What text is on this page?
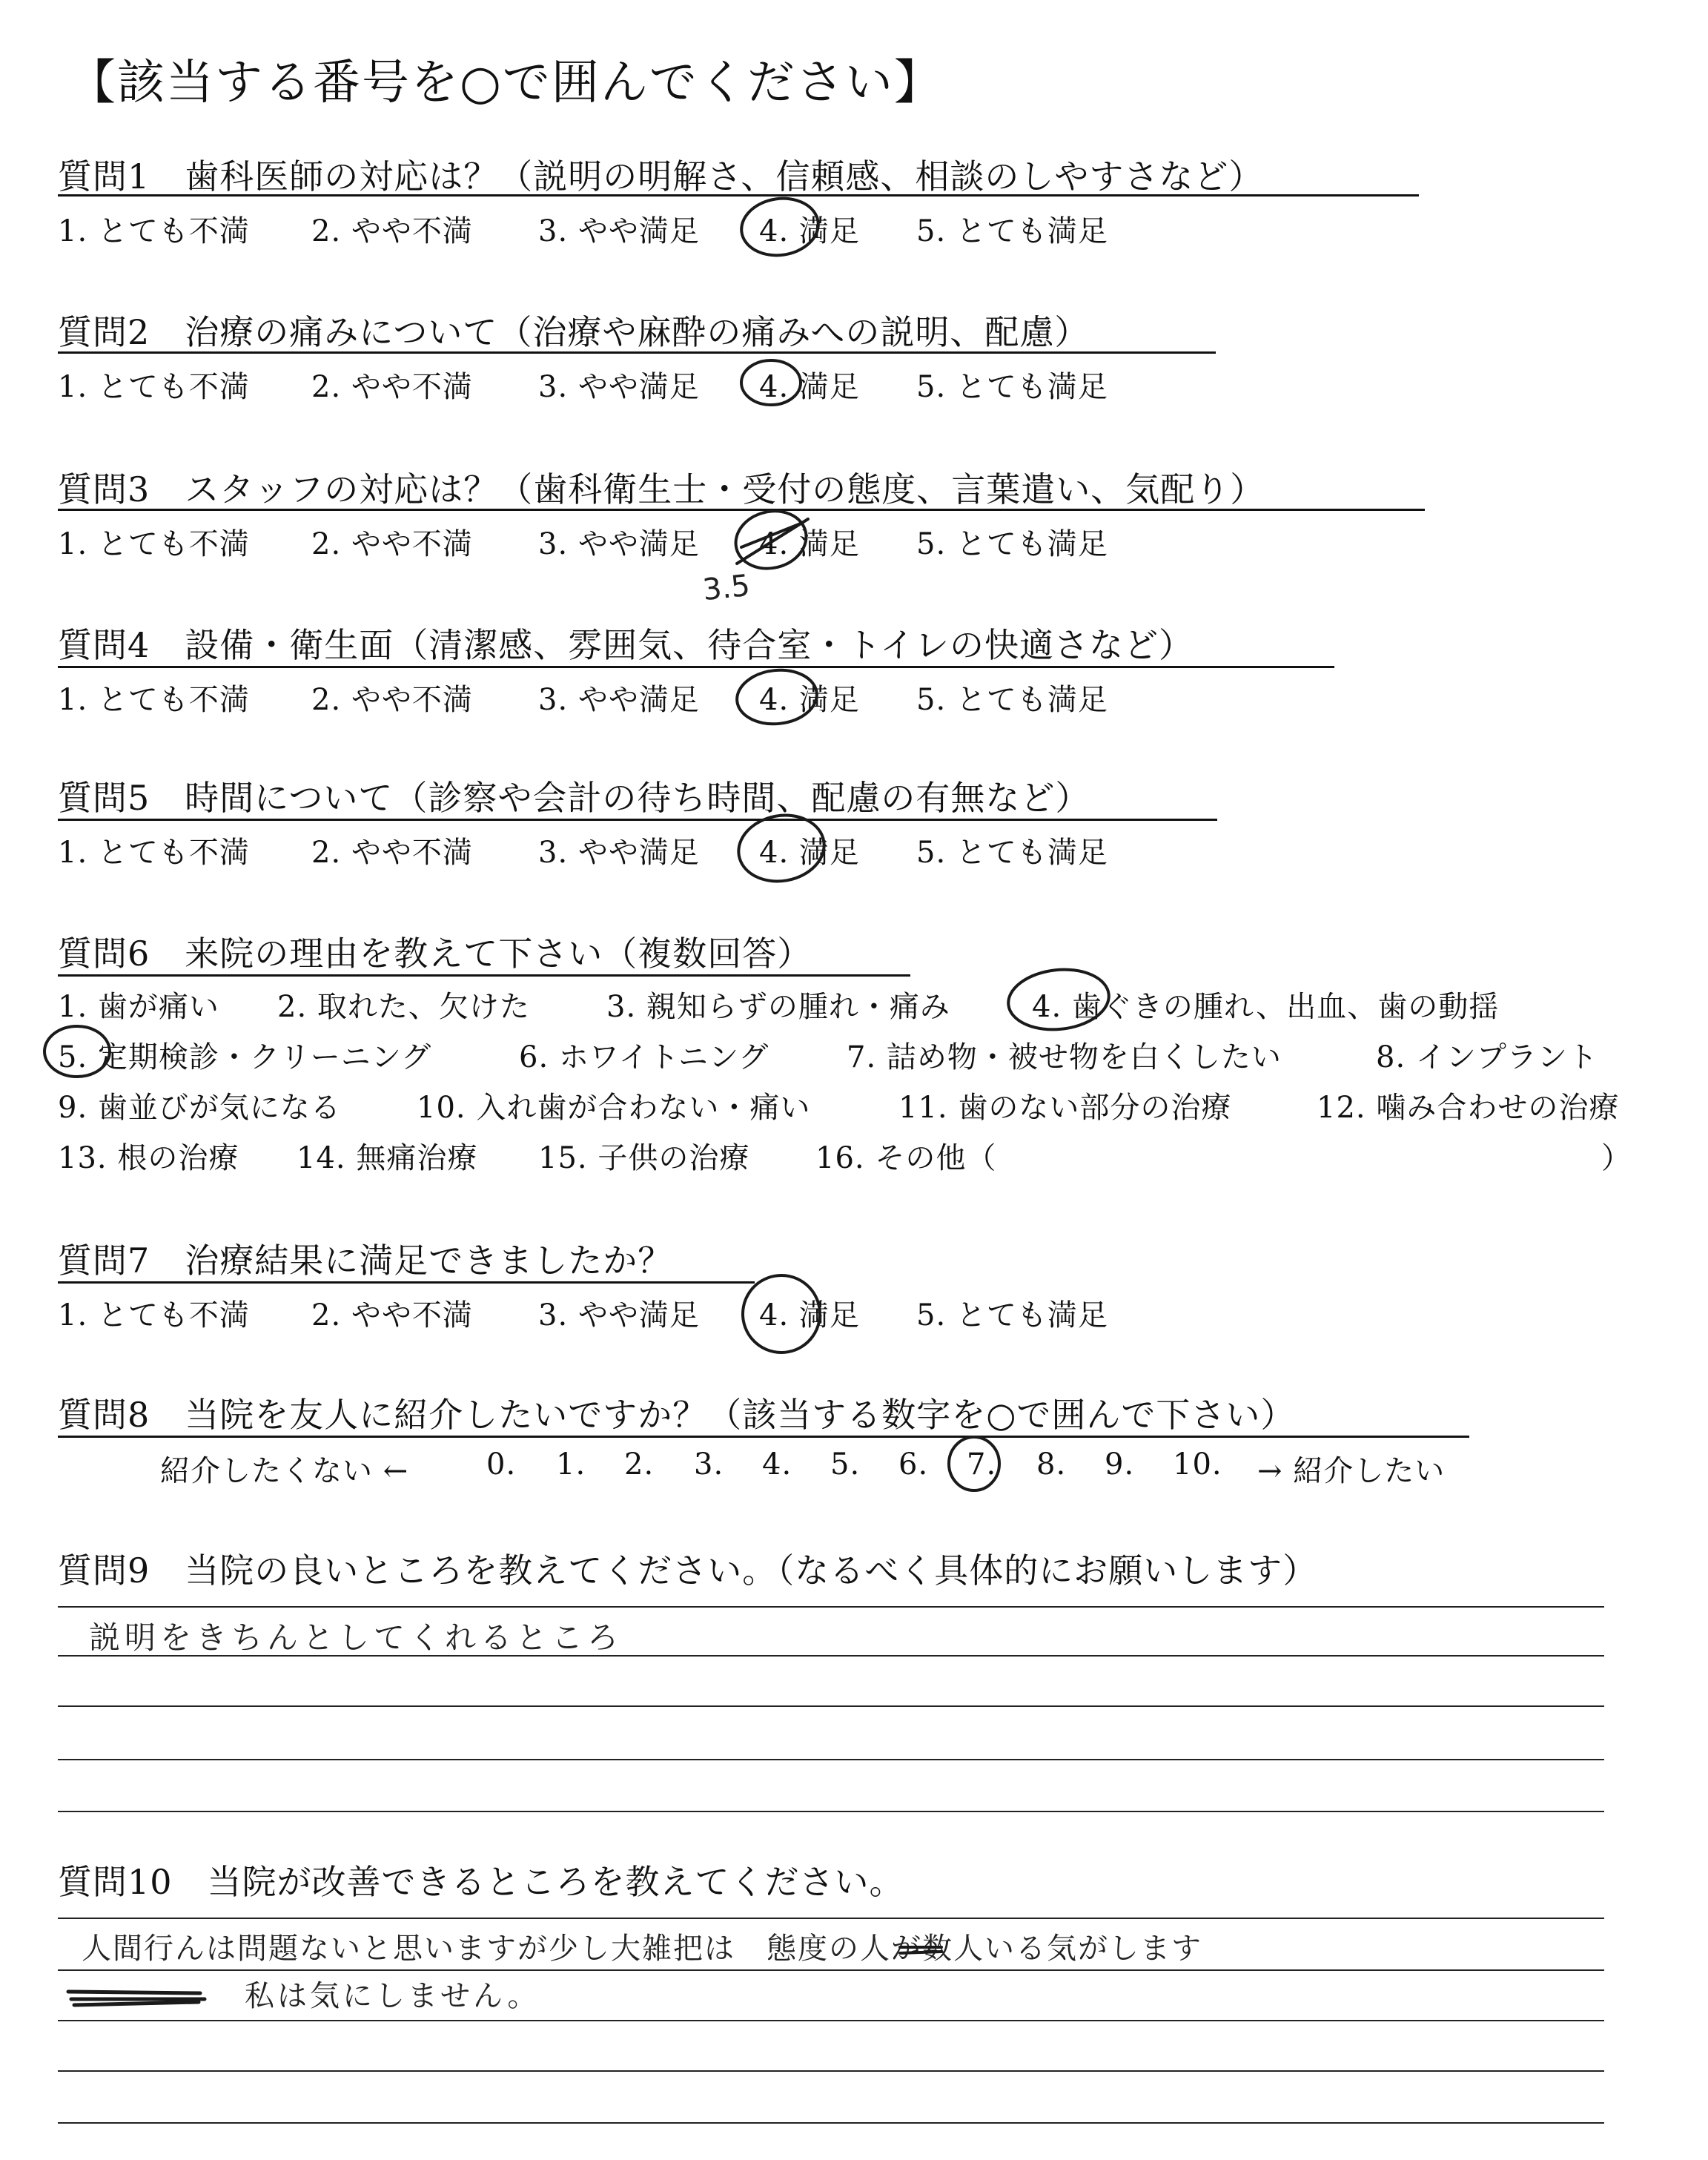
【該当する番号を○で囲んでください】
質問1　歯科医師の対応は？（説明の明解さ、信頼感、相談のしやすさなど）
1. とても不満 2. やや不満 3. やや満足 4. 満足 5. とても満足
質問2　治療の痛みについて（治療や麻酔の痛みへの説明、配慮）
1. とても不満 2. やや不満 3. やや満足 4. 満足 5. とても満足
質問3　スタッフの対応は？（歯科衛生士・受付の態度、言葉遣い、気配り）
1. とても不満 2. やや不満 3. やや満足 4. 満足 5. とても満足
3.5
質問4　設備・衛生面（清潔感、雰囲気、待合室・トイレの快適さなど）
1. とても不満 2. やや不満 3. やや満足 4. 満足 5. とても満足
質問5　時間について（診察や会計の待ち時間、配慮の有無など）
1. とても不満 2. やや不満 3. やや満足 4. 満足 5. とても満足
質問6　来院の理由を教えて下さい（複数回答）
1. 歯が痛い 2. 取れた、欠けた	3. 親知らずの腫れ・痛み	4. 歯ぐきの腫れ、出血、歯の動揺
5. 定期検診・クリーニング	6. ホワイトニング	7. 詰め物・被せ物を白くしたい	8. インプラント
9. 歯並びが気になる	10. 入れ歯が合わない・痛い	11. 歯のない部分の治療	12. 噛み合わせの治療
13. 根の治療 14. 無痛治療 15. 子供の治療 16. その他（	）
質問7　治療結果に満足できましたか？
1. とても不満 2. やや不満 3. やや満足 4. 満足 5. とても満足
質問8　当院を友人に紹介したいですか？（該当する数字を○で囲んで下さい）
紹介したくない ←	0. 1. 2. 3. 4. 5. 6. 7. 8. 9. 10. → 紹介したい
質問9　当院の良いところを教えてください。（なるべく具体的にお願いします）
説明をきちんとしてくれるところ
質問10　当院が改善できるところを教えてください。
人間行んは問題ないと思いますが少し大雑把は　態度の人が数人いる気がします
私は気にしません。
